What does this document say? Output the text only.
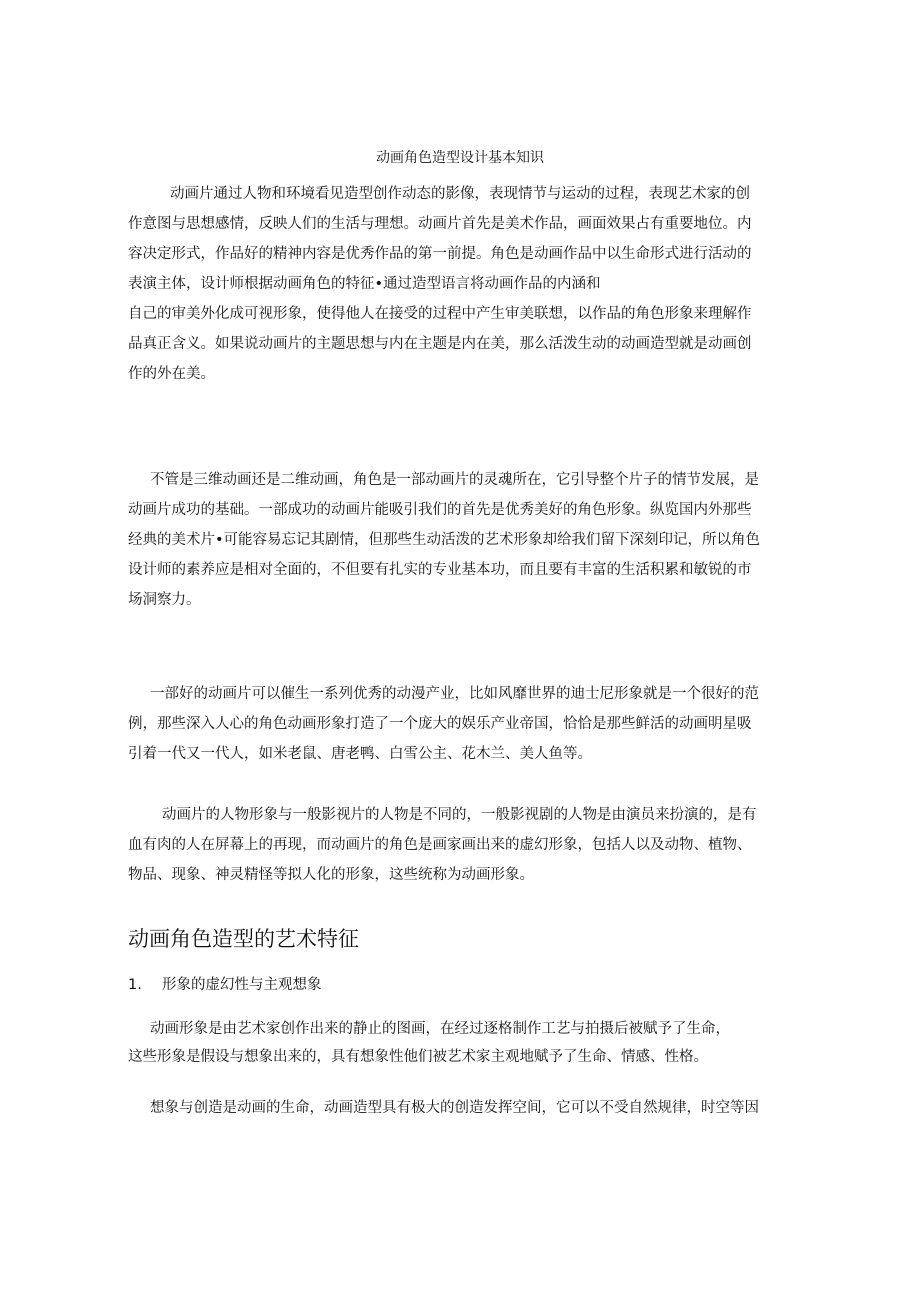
动画角色造型设计基本知识

动画片通过人物和环境看见造型创作动态的影像，表现情节与运动的过程，表现艺术家的创
作意图与思想感情，反映人们的生活与理想。动画片首先是美术作品，画面效果占有重要地位。内
容决定形式，作品好的精神内容是优秀作品的第一前提。角色是动画作品中以生命形式进行活动的
表演主体，设计师根据动画角色的特征•通过造型语言将动画作品的内涵和
自己的审美外化成可视形象，使得他人在接受的过程中产生审美联想，以作品的角色形象来理解作
品真正含义。如果说动画片的主题思想与内在主题是内在美，那么活泼生动的动画造型就是动画创
作的外在美。

不管是三维动画还是二维动画，角色是一部动画片的灵魂所在，它引导整个片子的情节发展，是
动画片成功的基础。一部成功的动画片能吸引我们的首先是优秀美好的角色形象。纵览国内外那些
经典的美术片•可能容易忘记其剧情，但那些生动活泼的艺术形象却给我们留下深刻印记，所以角色
设计师的素养应是相对全面的，不但要有扎实的专业基本功，而且要有丰富的生活积累和敏锐的市
场洞察力。

一部好的动画片可以催生一系列优秀的动漫产业，比如风靡世界的迪士尼形象就是一个很好的范
例，那些深入人心的角色动画形象打造了一个庞大的娱乐产业帝国，恰恰是那些鲜活的动画明星吸
引着一代又一代人，如米老鼠、唐老鸭、白雪公主、花木兰、美人鱼等。

动画片的人物形象与一般影视片的人物是不同的，一般影视剧的人物是由演员来扮演的，是有
血有肉的人在屏幕上的再现，而动画片的角色是画家画出来的虚幻形象，包括人以及动物、植物、
物品、现象、神灵精怪等拟人化的形象，这些统称为动画形象。

动画角色造型的艺术特征
1. 形象的虚幻性与主观想象

动画形象是由艺术家创作出来的静止的图画，在经过逐格制作工艺与拍摄后被赋予了生命，
这些形象是假设与想象出来的，具有想象性他们被艺术家主观地赋予了生命、情感、性格。

想象与创造是动画的生命，动画造型具有极大的创造发挥空间，它可以不受自然规律，时空等因
